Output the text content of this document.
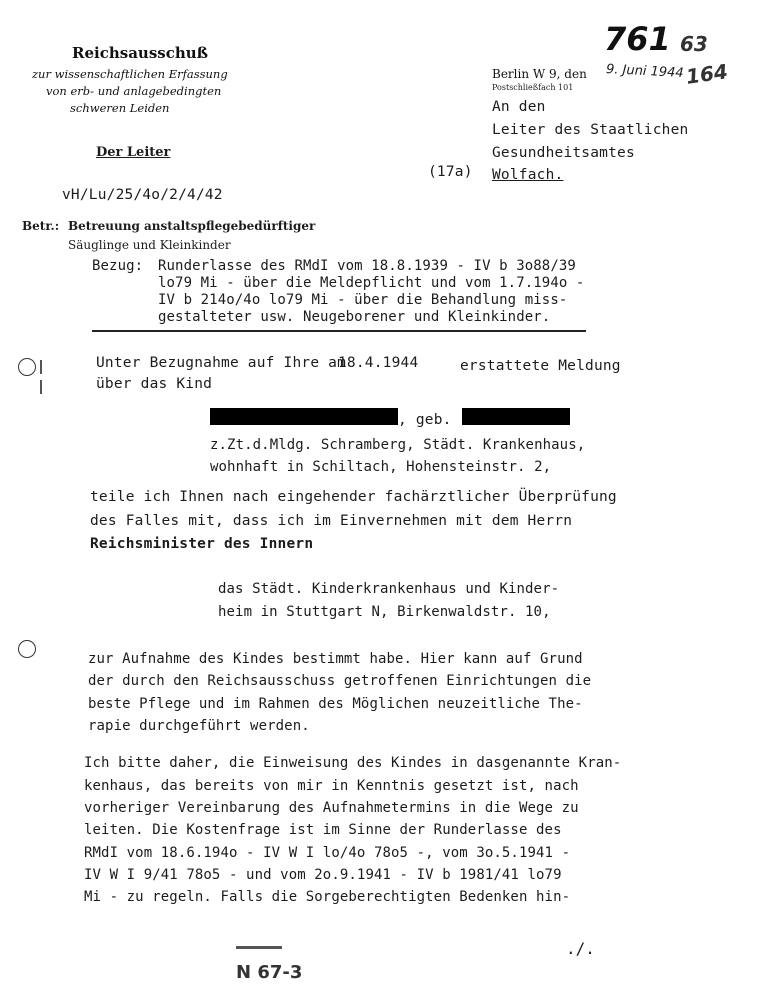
Reichsausschuß
zur wissenschaftlichen Erfassung
von erb- und anlagebedingten
schweren Leiden
Der Leiter
761 63
164
Berlin W 9, den
Postschließfach 101
9. Juni 1944
An den
Leiter des Staatlichen
Gesundheitsamtes
Wolfach.
(17a)
vH/Lu/25/4o/2/4/42
Betr.: Betreuung anstaltspflegebedürftiger
Säuglinge und Kleinkinder
Bezug: Runderlasse des RMdI vom 18.8.1939 - IV b 3o88/39
lo79 Mi - über die Meldepflicht und vom 1.7.194o -
IV b 214o/4o lo79 Mi - über die Behandlung miss-
gestalteter usw. Neugeborener und Kleinkinder.
Unter Bezugnahme auf Ihre am
18.4.1944	erstattete Meldung
über das Kind
, geb.
z.Zt.d.Mldg. Schramberg, Städt. Krankenhaus,
wohnhaft in Schiltach, Hohensteinstr. 2,
teile ich Ihnen nach eingehender fachärztlicher Überprüfung
des Falles mit, dass ich im Einvernehmen mit dem Herrn
Reichsminister des Innern
das Städt. Kinderkrankenhaus und Kinder-
heim in Stuttgart N, Birkenwaldstr. 10,
zur Aufnahme des Kindes bestimmt habe. Hier kann auf Grund
der durch den Reichsausschuss getroffenen Einrichtungen die
beste Pflege und im Rahmen des Möglichen neuzeitliche The-
rapie durchgeführt werden.
Ich bitte daher, die Einweisung des Kindes in dasgenannte Kran-
kenhaus, das bereits von mir in Kenntnis gesetzt ist, nach
vorheriger Vereinbarung des Aufnahmetermins in die Wege zu
leiten. Die Kostenfrage ist im Sinne der Runderlasse des
RMdI vom 18.6.194o - IV W I lo/4o 78o5 -, vom 3o.5.1941 -
IV W I 9/41 78o5 - und vom 2o.9.1941 - IV b 1981/41 lo79
Mi - zu regeln. Falls die Sorgeberechtigten Bedenken hin-
N 67-3
./.
